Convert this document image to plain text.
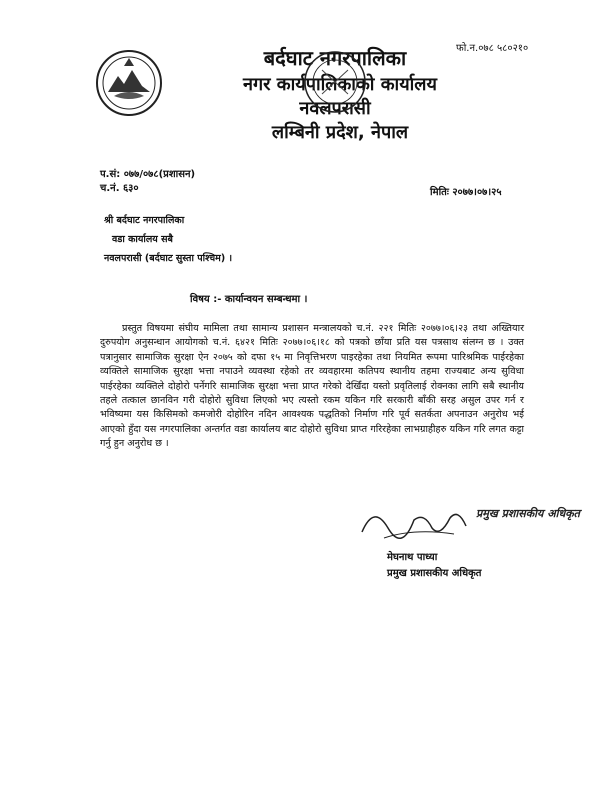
फो.न.०७८ ५८०२१०
बर्दघाट नगरपालिका
नगर कार्यपालिकाको कार्यालय
नवलपरासी
लम्बिनी प्रदेश, नेपाल
प.सं: ०७७/०७८(प्रशासन)
च.नं. ६३०	मितिः २०७७।०७।२५
श्री बर्दघाट नगरपालिका
वडा कार्यालय सबै
नवलपरासी (बर्दघाट सुस्ता पश्चिम) ।
विषय :- कार्यान्वयन सम्बन्धमा ।
प्रस्तुत विषयमा संघीय मामिला तथा सामान्य प्रशासन मन्त्रालयको च.नं. २२१ मितिः २०७७।०६।२३ तथा अख्तियार दुरुपयोग अनुसन्धान आयोगको च.नं. ६४२१ मितिः २०७७।०६।१८ को पत्रको छाँया प्रति यस पत्रसाथ संलग्न छ । उक्त पत्रानुसार सामाजिक सुरक्षा ऐन २०७५ को दफा १५ मा निवृत्तिभरण पाइरहेका तथा नियमित रूपमा पारिश्रमिक पाईरहेका व्यक्तिले सामाजिक सुरक्षा भत्ता नपाउने व्यवस्था रहेको तर व्यवहारमा कतिपय स्थानीय तहमा राज्यबाट अन्य सुविधा पाईरहेका व्यक्तिले दोहोरो पर्नेगरि सामाजिक सुरक्षा भत्ता प्राप्त गरेको देखिँदा यस्तो प्रवृतिलाई रोक्नका लागि सबै स्थानीय तहले तत्काल छानविन गरी दोहोरो सुविधा लिएको भए त्यस्तो रकम यकिन गरि सरकारी बाँकी सरह असुल उपर गर्न र भविष्यमा यस किसिमको कमजोरी दोहोरिन नदिन आवश्यक पद्धतिको निर्माण गरि पूर्व सतर्कता अपनाउन अनुरोध भई आएको हुँदा यस नगरपालिका अन्तर्गत वडा कार्यालय बाट दोहोरो सुविधा प्राप्त गरिरहेका लाभग्राहीहरु यकिन गरि लगत कट्टा गर्नु हुन अनुरोध छ ।
प्रमुख प्रशासकीय अधिकृत
मेघनाथ पाध्या
प्रमुख प्रशासकीय अधिकृत
